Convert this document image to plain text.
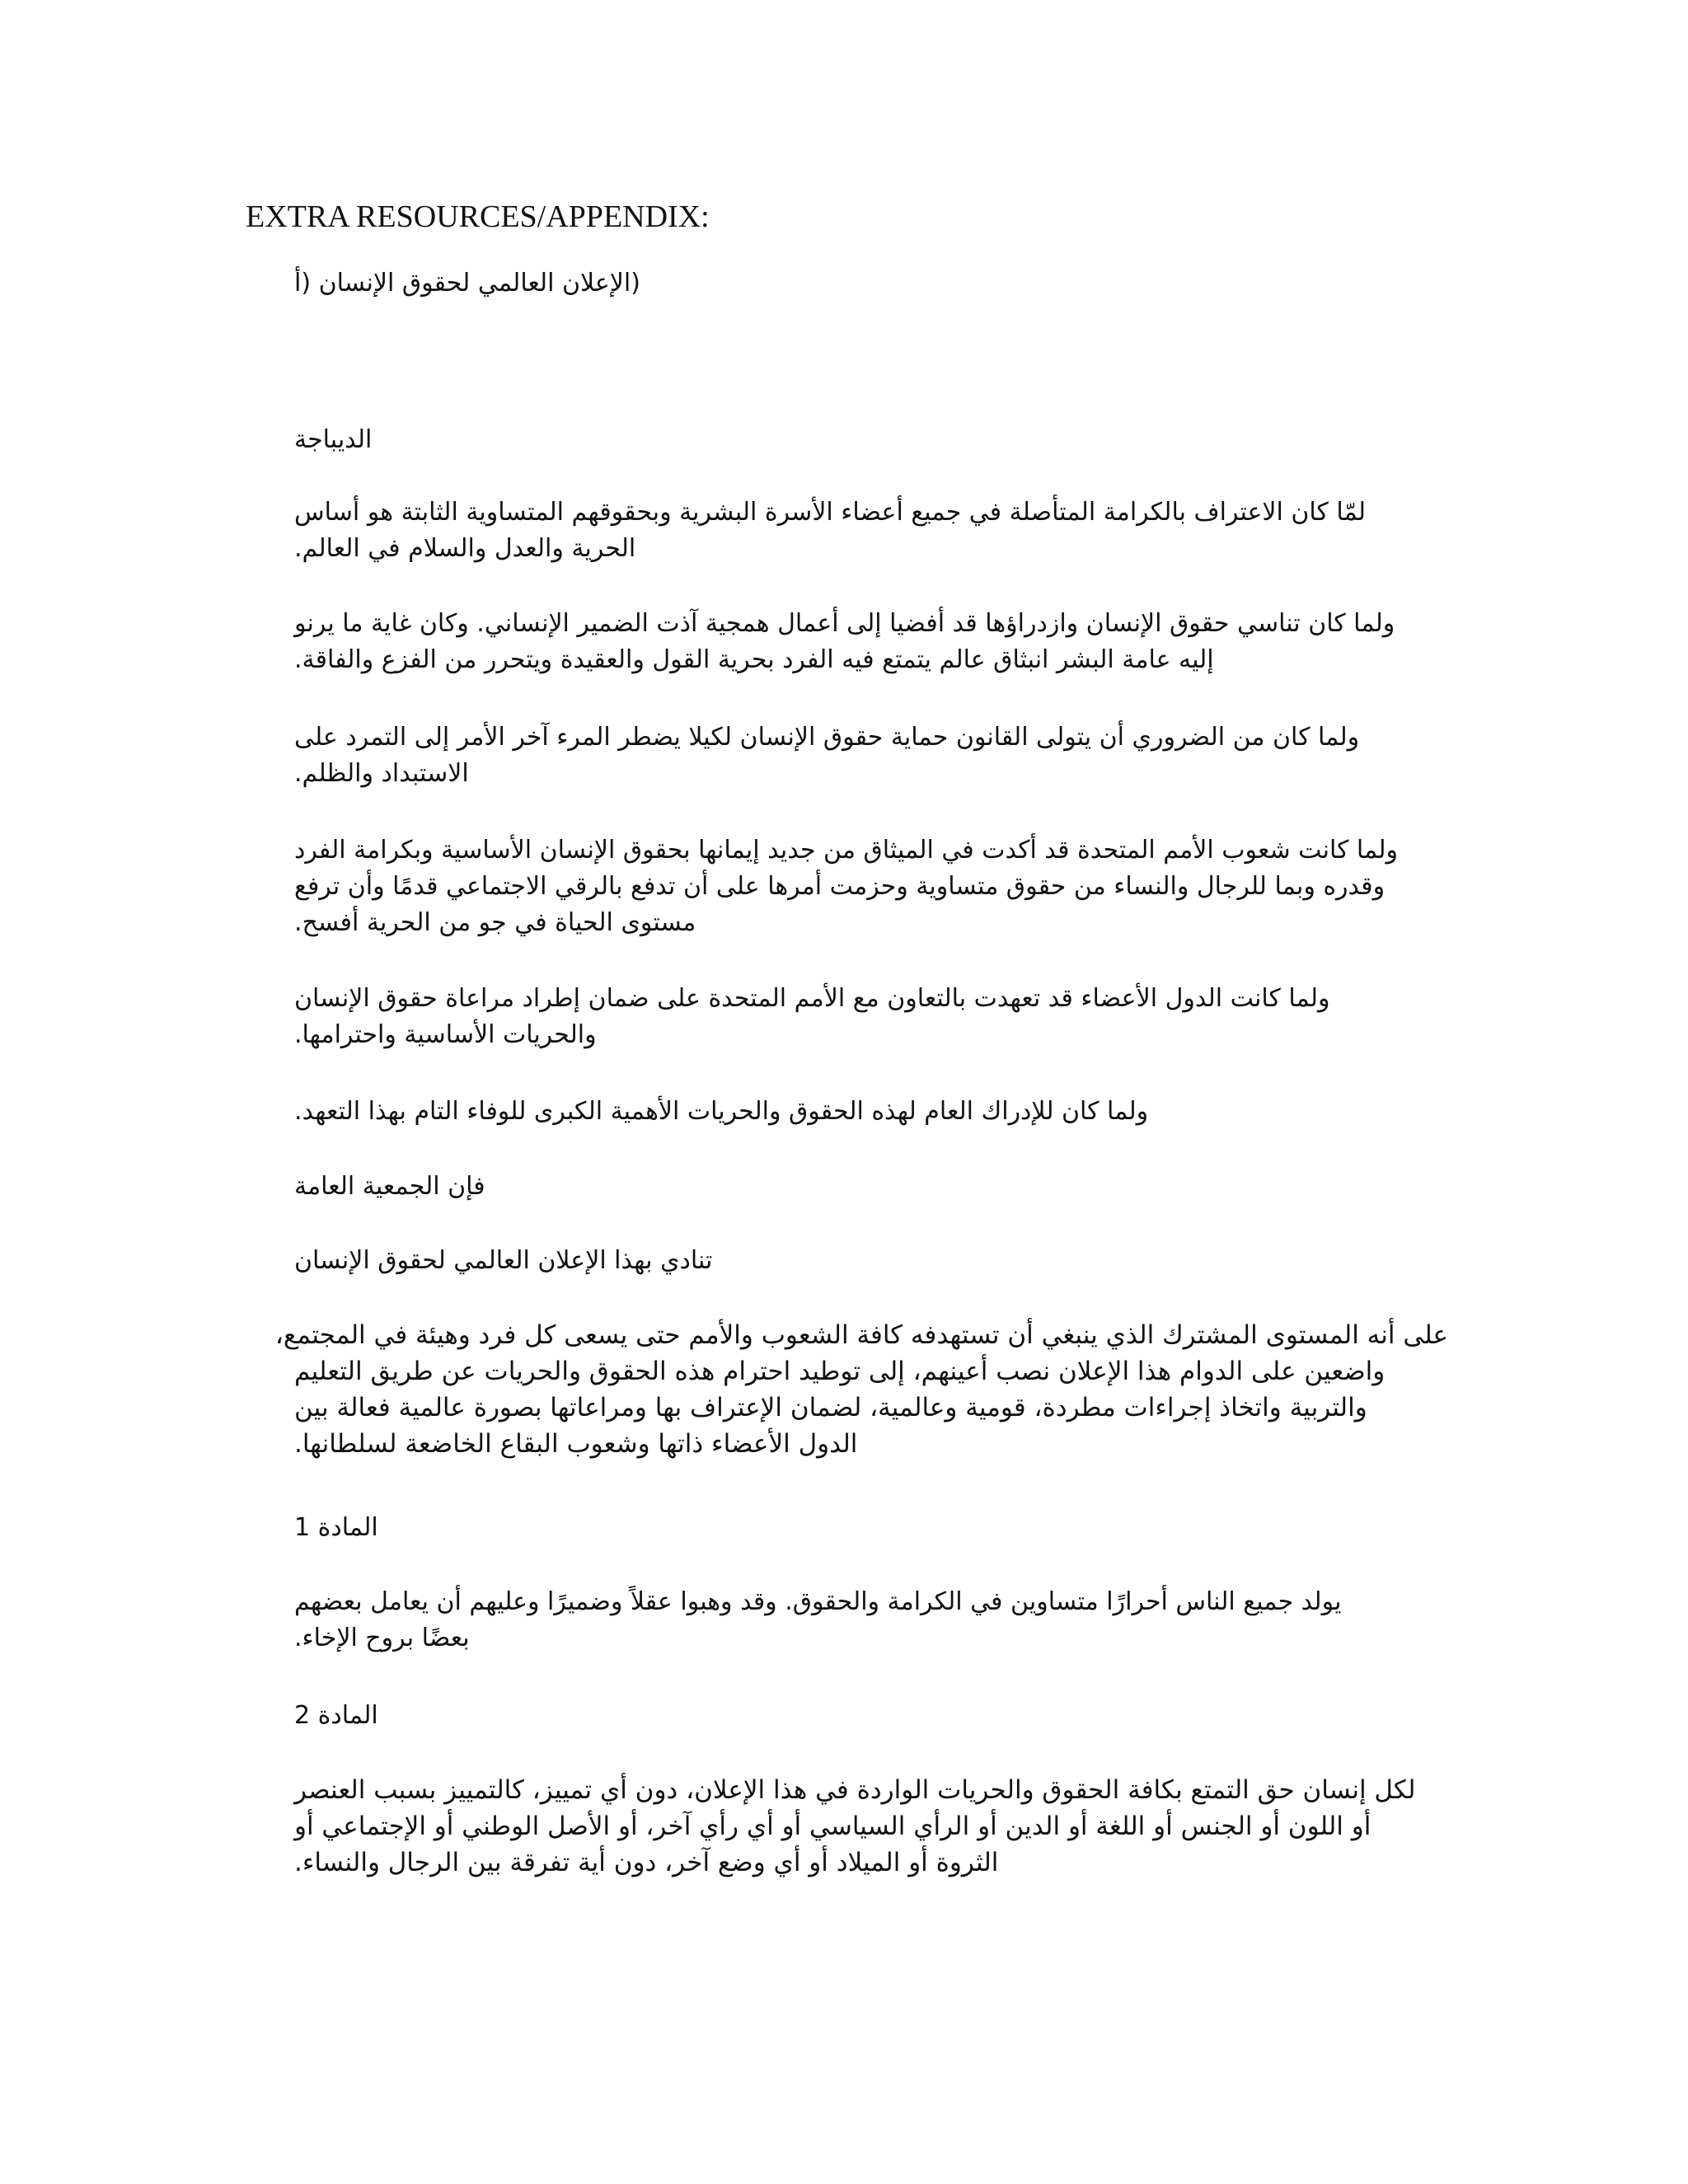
EXTRA RESOURCES/APPENDIX:
(الإعلان العالمي لحقوق الإنسان (أ
الديباجة
لمّا كان الاعتراف بالكرامة المتأصلة في جميع أعضاء الأسرة البشرية وبحقوقهم المتساوية الثابتة هو أساس
الحرية والعدل والسلام في العالم.
ولما كان تناسي حقوق الإنسان وازدراؤها قد أفضيا إلى أعمال همجية آذت الضمير الإنساني. وكان غاية ما يرنو
إليه عامة البشر انبثاق عالم يتمتع فيه الفرد بحرية القول والعقيدة ويتحرر من الفزع والفاقة.
ولما كان من الضروري أن يتولى القانون حماية حقوق الإنسان لكيلا يضطر المرء آخر الأمر إلى التمرد على
الاستبداد والظلم.
ولما كانت شعوب الأمم المتحدة قد أكدت في الميثاق من جديد إيمانها بحقوق الإنسان الأساسية وبكرامة الفرد
وقدره وبما للرجال والنساء من حقوق متساوية وحزمت أمرها على أن تدفع بالرقي الاجتماعي قدمًا وأن ترفع
مستوى الحياة في جو من الحرية أفسح.
ولما كانت الدول الأعضاء قد تعهدت بالتعاون مع الأمم المتحدة على ضمان إطراد مراعاة حقوق الإنسان
والحريات الأساسية واحترامها.
ولما كان للإدراك العام لهذه الحقوق والحريات الأهمية الكبرى للوفاء التام بهذا التعهد.
فإن الجمعية العامة
تنادي بهذا الإعلان العالمي لحقوق الإنسان
على أنه المستوى المشترك الذي ينبغي أن تستهدفه كافة الشعوب والأمم حتى يسعى كل فرد وهيئة في المجتمع،
واضعين على الدوام هذا الإعلان نصب أعينهم، إلى توطيد احترام هذه الحقوق والحريات عن طريق التعليم
والتربية واتخاذ إجراءات مطردة، قومية وعالمية، لضمان الإعتراف بها ومراعاتها بصورة عالمية فعالة بين
الدول الأعضاء ذاتها وشعوب البقاع الخاضعة لسلطانها.
المادة 1
يولد جميع الناس أحرارًا متساوين في الكرامة والحقوق. وقد وهبوا عقلاً وضميرًا وعليهم أن يعامل بعضهم
بعضًا بروح الإخاء.
المادة 2
لكل إنسان حق التمتع بكافة الحقوق والحريات الواردة في هذا الإعلان، دون أي تمييز، كالتمييز بسبب العنصر
أو اللون أو الجنس أو اللغة أو الدين أو الرأي السياسي أو أي رأي آخر، أو الأصل الوطني أو الإجتماعي أو
الثروة أو الميلاد أو أي وضع آخر، دون أية تفرقة بين الرجال والنساء.
